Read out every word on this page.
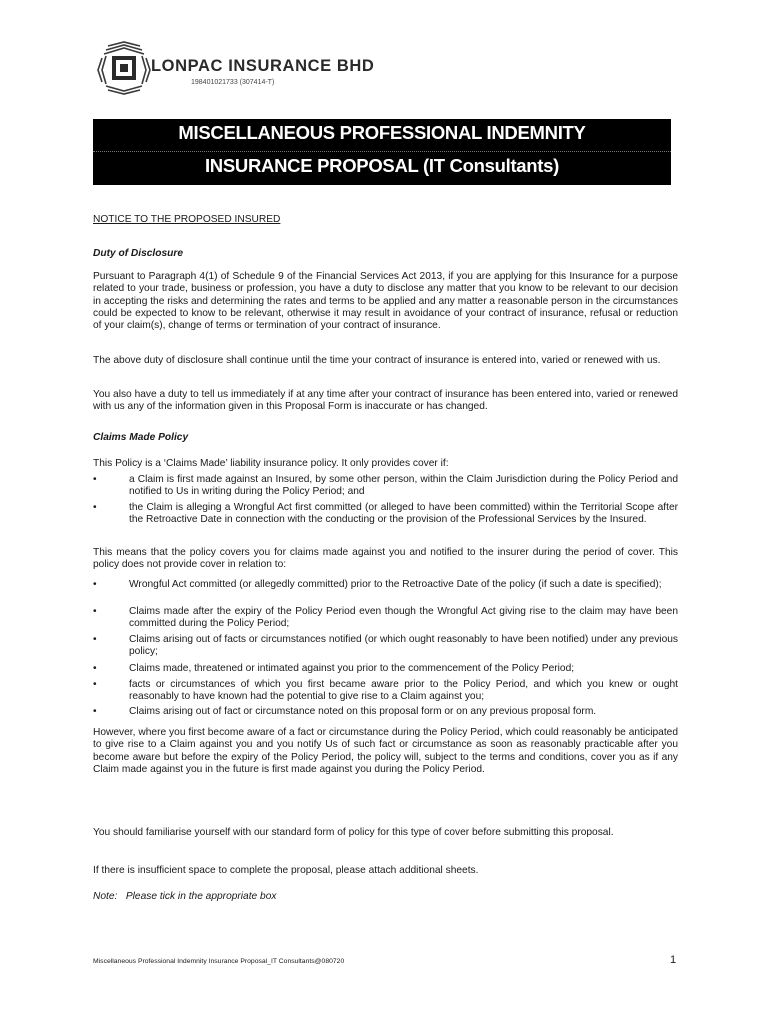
LONPAC INSURANCE BHD
198401021733 (307414-T)
MISCELLANEOUS PROFESSIONAL INDEMNITY
INSURANCE PROPOSAL (IT Consultants)
NOTICE TO THE PROPOSED INSURED
Duty of Disclosure
Pursuant to Paragraph 4(1) of Schedule 9 of the Financial Services Act 2013, if you are applying for this Insurance for a purpose related to your trade, business or profession, you have a duty to disclose any matter that you know to be relevant to our decision in accepting the risks and determining the rates and terms to be applied and any matter a reasonable person in the circumstances could be expected to know to be relevant, otherwise it may result in avoidance of your contract of insurance, refusal or reduction of your claim(s), change of terms or termination of your contract of insurance.
The above duty of disclosure shall continue until the time your contract of insurance is entered into, varied or renewed with us.
You also have a duty to tell us immediately if at any time after your contract of insurance has been entered into, varied or renewed with us any of the information given in this Proposal Form is inaccurate or has changed.
Claims Made Policy
This Policy is a ‘Claims Made’ liability insurance policy. It only provides cover if:
•	a Claim is first made against an Insured, by some other person, within the Claim Jurisdiction during the Policy Period and notified to Us in writing during the Policy Period; and
•	the Claim is alleging a Wrongful Act first committed (or alleged to have been committed) within the Territorial Scope after the Retroactive Date in connection with the conducting or the provision of the Professional Services by the Insured.
This means that the policy covers you for claims made against you and notified to the insurer during the period of cover. This policy does not provide cover in relation to:
•	Wrongful Act committed (or allegedly committed) prior to the Retroactive Date of the policy (if such a date is specified);
•	Claims made after the expiry of the Policy Period even though the Wrongful Act giving rise to the claim may have been committed during the Policy Period;
•	Claims arising out of facts or circumstances notified (or which ought reasonably to have been notified) under any previous policy;
•	Claims made, threatened or intimated against you prior to the commencement of the Policy Period;
•	facts or circumstances of which you first became aware prior to the Policy Period, and which you knew or ought reasonably to have known had the potential to give rise to a Claim against you;
•	Claims arising out of fact or circumstance noted on this proposal form or on any previous proposal form.
However, where you first become aware of a fact or circumstance during the Policy Period, which could reasonably be anticipated to give rise to a Claim against you and you notify Us of such fact or circumstance as soon as reasonably practicable after you become aware but before the expiry of the Policy Period, the policy will, subject to the terms and conditions, cover you as if any Claim made against you in the future is first made against you during the Policy Period.
You should familiarise yourself with our standard form of policy for this type of cover before submitting this proposal.
If there is insufficient space to complete the proposal, please attach additional sheets.
Note:   Please tick in the appropriate box
Miscellaneous Professional Indemnity Insurance Proposal_IT Consultants@080720	1
